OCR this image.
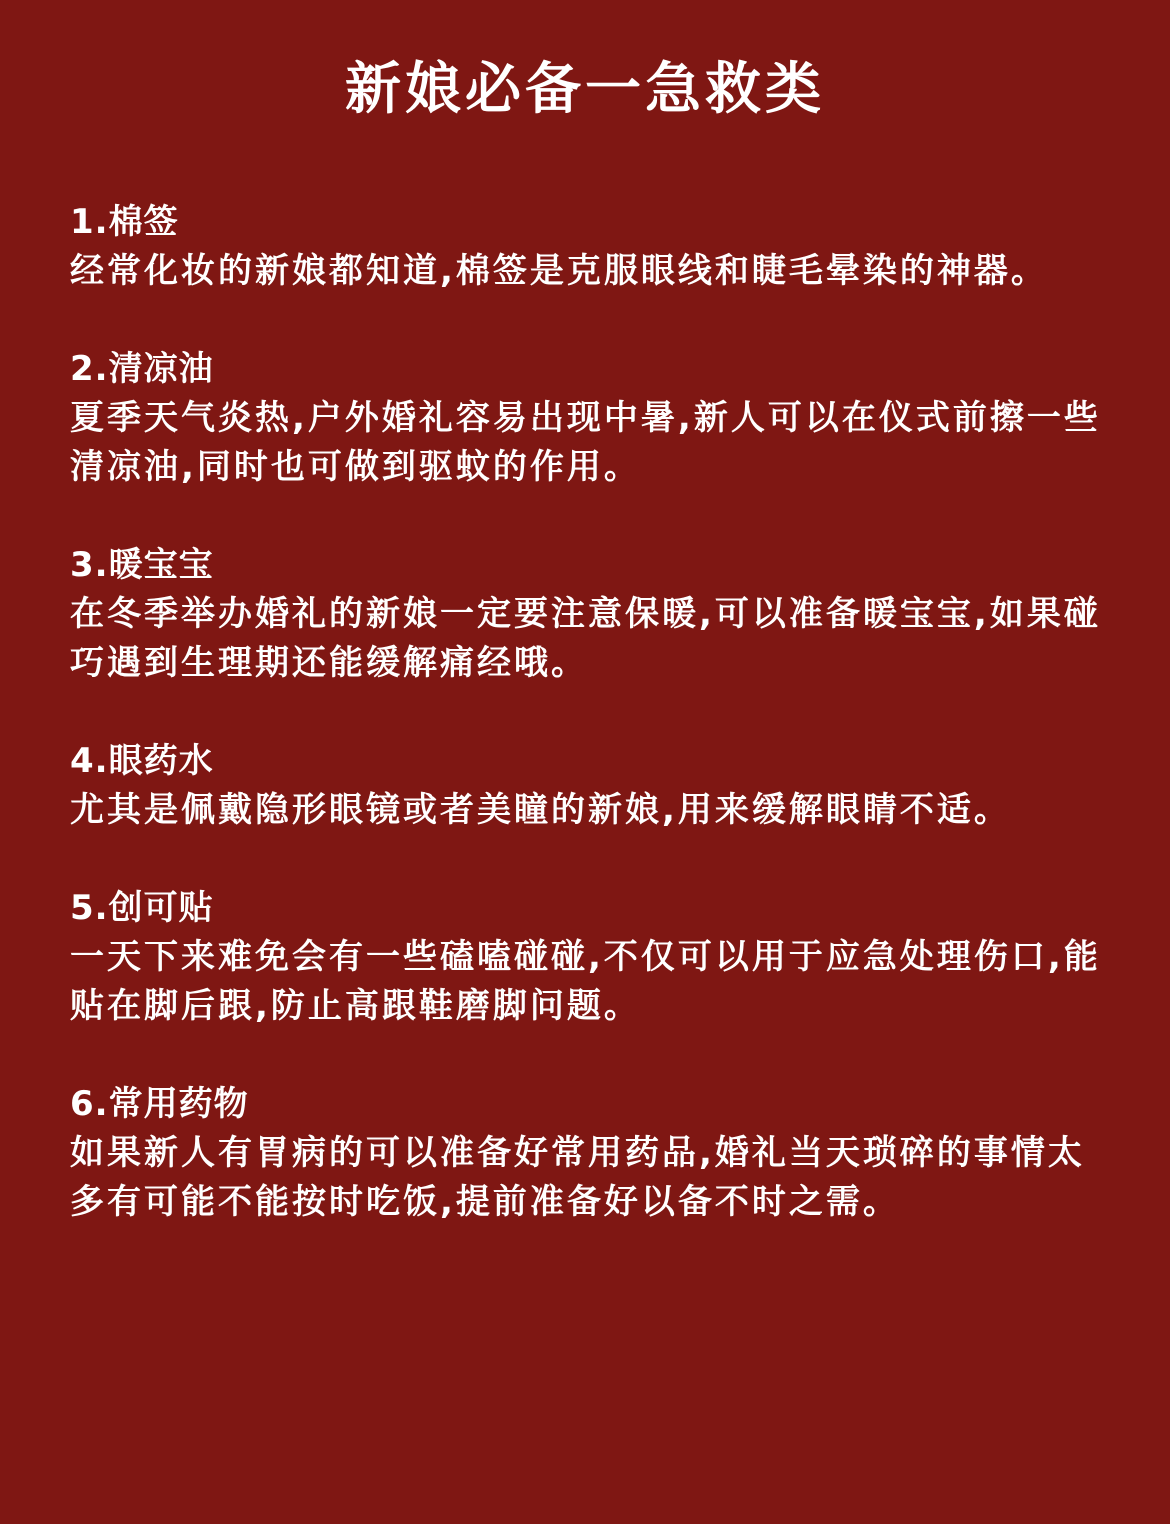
新娘必备一急救类
1.棉签
经常化妆的新娘都知道,棉签是克服眼线和睫毛晕染的神器。
2.清凉油
夏季天气炎热,户外婚礼容易出现中暑,新人可以在仪式前擦一些清凉油,同时也可做到驱蚊的作用。
3.暖宝宝
在冬季举办婚礼的新娘一定要注意保暖,可以准备暖宝宝,如果碰巧遇到生理期还能缓解痛经哦。
4.眼药水
尤其是佩戴隐形眼镜或者美瞳的新娘,用来缓解眼睛不适。
5.创可贴
一天下来难免会有一些磕嗑碰碰,不仅可以用于应急处理伤口,能贴在脚后跟,防止高跟鞋磨脚问题。
6.常用药物
如果新人有胃病的可以准备好常用药品,婚礼当天琐碎的事情太多有可能不能按时吃饭,提前准备好以备不时之需。
